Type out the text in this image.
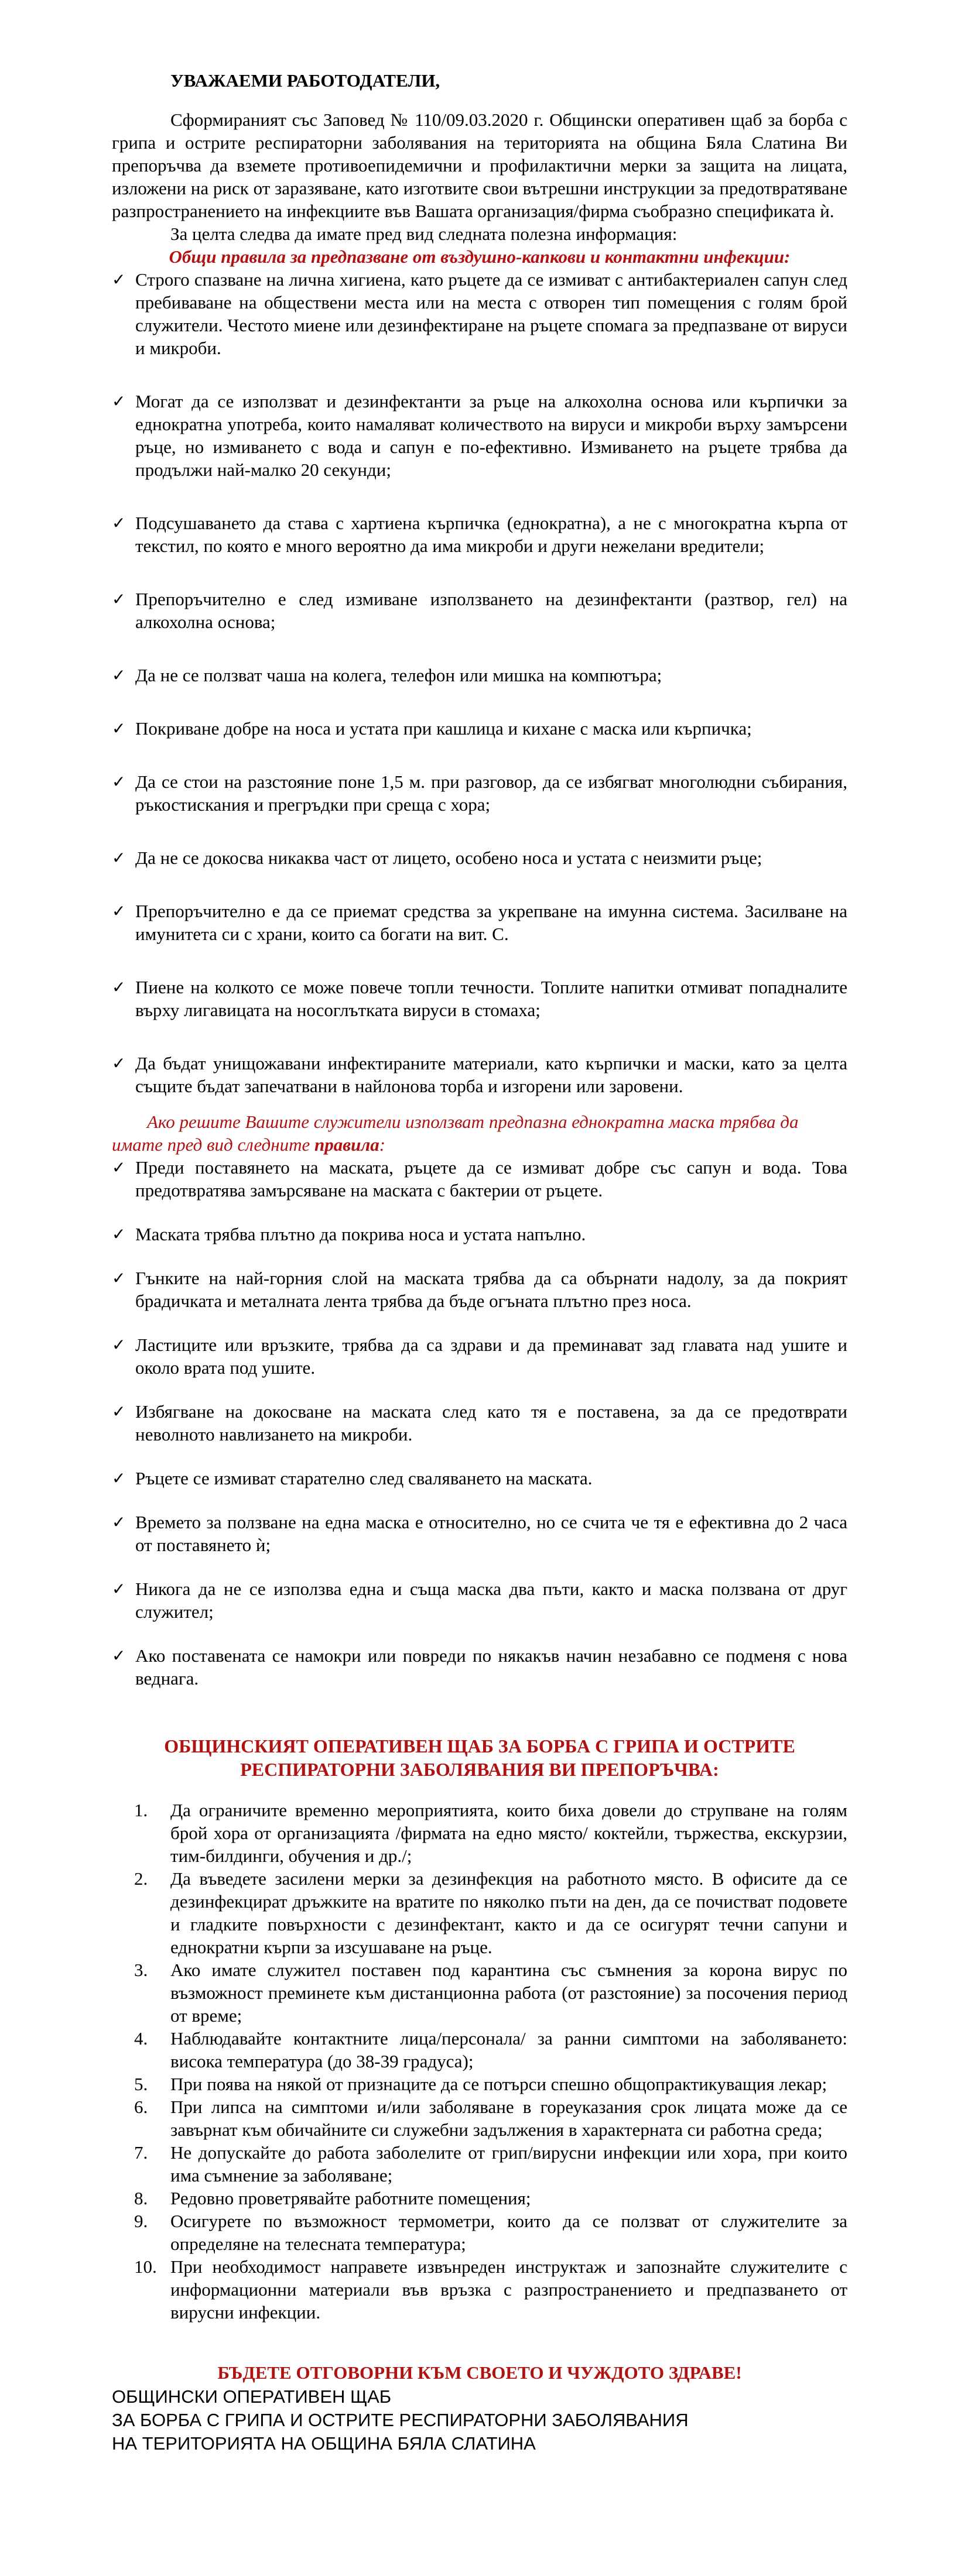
УВАЖАЕМИ РАБОТОДАТЕЛИ,

Сформираният със Заповед № 110/09.03.2020 г. Общински оперативен щаб за борба с грипа и острите респираторни заболявания на територията на община Бяла Слатина Ви препоръчва да вземете противоепидемични и профилактични мерки за защита на лицата, изложени на риск от заразяване, като изготвите свои вътрешни инструкции за предотвратяване разпространението на инфекциите във Вашата организация/фирма съобразно спецификата ѝ.

За целта следва да имате пред вид следната полезна информация:

Общи правила за предпазване от въздушно-капкови и контактни инфекции:

✓ Строго спазване на лична хигиена, като ръцете да се измиват с антибактериален сапун след пребиваване на обществени места или на места с отворен тип помещения с голям брой служители. Честото миене или дезинфектиране на ръцете спомага за предпазване от вируси и микроби.
✓ Могат да се използват и дезинфектанти за ръце на алкохолна основа или кърпички за еднократна употреба, които намаляват количеството на вируси и микроби върху замърсени ръце, но измиването с вода и сапун е по-ефективно. Измиването на ръцете трябва да продължи най-малко 20 секунди;
✓ Подсушаването да става с хартиена кърпичка (еднократна), а не с многократна кърпа от текстил, по която е много вероятно да има микроби и други нежелани вредители;
✓ Препоръчително е след измиване използването на дезинфектанти (разтвор, гел) на алкохолна основа;
✓ Да не се ползват чаша на колега, телефон или мишка на компютъра;
✓ Покриване добре на носа и устата при кашлица и кихане с маска или кърпичка;
✓ Да се стои на разстояние поне 1,5 м. при разговор, да се избягват многолюдни събирания, ръкостискания и прегръдки при среща с хора;
✓ Да не се докосва никаква част от лицето, особено носа и устата с неизмити ръце;
✓ Препоръчително е да се приемат средства за укрепване на имунна система. Засилване на имунитета си с храни, които са богати на вит. С.
✓ Пиене на колкото се може повече топли течности. Топлите напитки отмиват попадналите върху лигавицата на носоглътката вируси в стомаха;
✓ Да бъдат унищожавани инфектираните материали, като кърпички и маски, като за целта същите бъдат запечатвани в найлонова торба и изгорени или заровени.

Ако решите Вашите служители използват предпазна еднократна маска трябва да имате пред вид следните правила:

✓ Преди поставянето на маската, ръцете да се измиват добре със сапун и вода. Това предотвратява замърсяване на маската с бактерии от ръцете.
✓ Маската трябва плътно да покрива носа и устата напълно.
✓ Гънките на най-горния слой на маската трябва да са обърнати надолу, за да покрият брадичката и металната лента трябва да бъде огъната плътно през носа.
✓ Ластиците или връзките, трябва да са здрави и да преминават зад главата над ушите и около врата под ушите.
✓ Избягване на докосване на маската след като тя е поставена, за да се предотврати неволното навлизането на микроби.
✓ Ръцете се измиват старателно след сваляването на маската.
✓ Времето за ползване на една маска е относително, но се счита че тя е ефективна до 2 часа от поставянето ѝ;
✓ Никога да не се използва една и съща маска два пъти, както и маска ползвана от друг служител;
✓ Ако поставената се намокри или повреди по някакъв начин незабавно се подменя с нова веднага.

ОБЩИНСКИЯТ ОПЕРАТИВЕН ЩАБ ЗА БОРБА С ГРИПА И ОСТРИТЕ РЕСПИРАТОРНИ ЗАБОЛЯВАНИЯ ВИ ПРЕПОРЪЧВА:

1.	Да ограничите временно мероприятията, които биха довели до струпване на голям брой хора от организацията /фирмата на едно място/ коктейли, тържества, екскурзии, тим-билдинги, обучения и др./;
2.	Да въведете засилени мерки за дезинфекция на работното място. В офисите да се дезинфекцират дръжките на вратите по няколко пъти на ден, да се почистват подовете и гладките повърхности с дезинфектант, както и да се осигурят течни сапуни и еднократни кърпи за изсушаване на ръце.
3.	Ако имате служител поставен под карантина със съмнения за корона вирус по възможност преминете към дистанционна работа (от разстояние) за посочения период от време;
4.	Наблюдавайте контактните лица/персонала/ за ранни симптоми на заболяването: висока температура (до 38-39 градуса);
5.	При поява на някой от признаците да се потърси спешно общопрактикуващия лекар;
6.	При липса на симптоми и/или заболяване в гореуказания срок лицата може да се завърнат към обичайните си служебни задължения в характерната си работна среда;
7.	Не допускайте до работа заболелите от грип/вирусни инфекции или хора, при които има съмнение за заболяване;
8.	Редовно проветрявайте работните помещения;
9.	Осигурете по възможност термометри, които да се ползват от служителите за определяне на телесната температура;
10. При необходимост направете извънреден инструктаж и запознайте служителите с информационни материали във връзка с разпространението и предпазването от вирусни инфекции.

БЪДЕТЕ ОТГОВОРНИ КЪМ СВОЕТО И ЧУЖДОТО ЗДРАВЕ!

ОБЩИНСКИ ОПЕРАТИВЕН ЩАБ
ЗА БОРБА С ГРИПА И ОСТРИТЕ РЕСПИРАТОРНИ ЗАБОЛЯВАНИЯ
НА ТЕРИТОРИЯТА НА ОБЩИНА БЯЛА СЛАТИНА
